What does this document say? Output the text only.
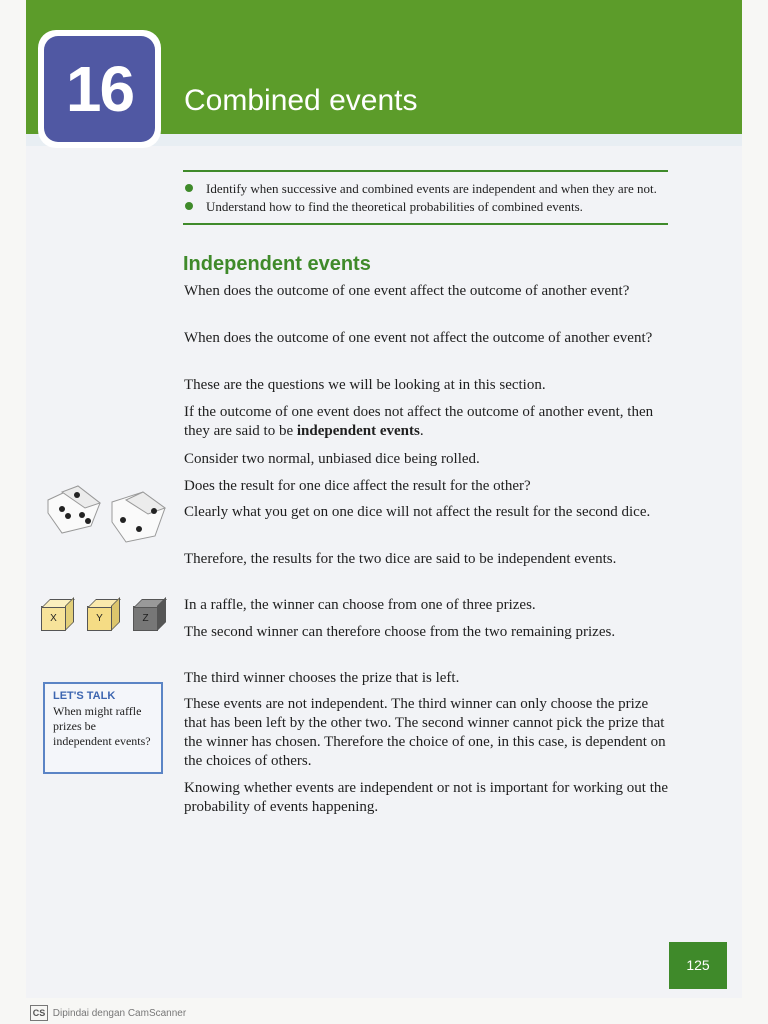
16	Combined events
Identify when successive and combined events are independent and when they are not.
Understand how to find the theoretical probabilities of combined events.
Independent events
When does the outcome of one event affect the outcome of another event?
When does the outcome of one event not affect the outcome of another event?
These are the questions we will be looking at in this section.
If the outcome of one event does not affect the outcome of another event, then they are said to be independent events.
Consider two normal, unbiased dice being rolled.
Does the result for one dice affect the result for the other?
Clearly what you get on one dice will not affect the result for the second dice.
Therefore, the results for the two dice are said to be independent events.
In a raffle, the winner can choose from one of three prizes.
The second winner can therefore choose from the two remaining prizes.
The third winner chooses the prize that is left.
These events are not independent. The third winner can only choose the prize that has been left by the other two. The second winner cannot pick the prize that the winner has chosen. Therefore the choice of one, in this case, is dependent on the choices of others.
Knowing whether events are independent or not is important for working out the probability of events happening.
X	Y	Z
LET'S TALK
When might raffle prizes be independent events?
125
CS Dipindai dengan CamScanner
